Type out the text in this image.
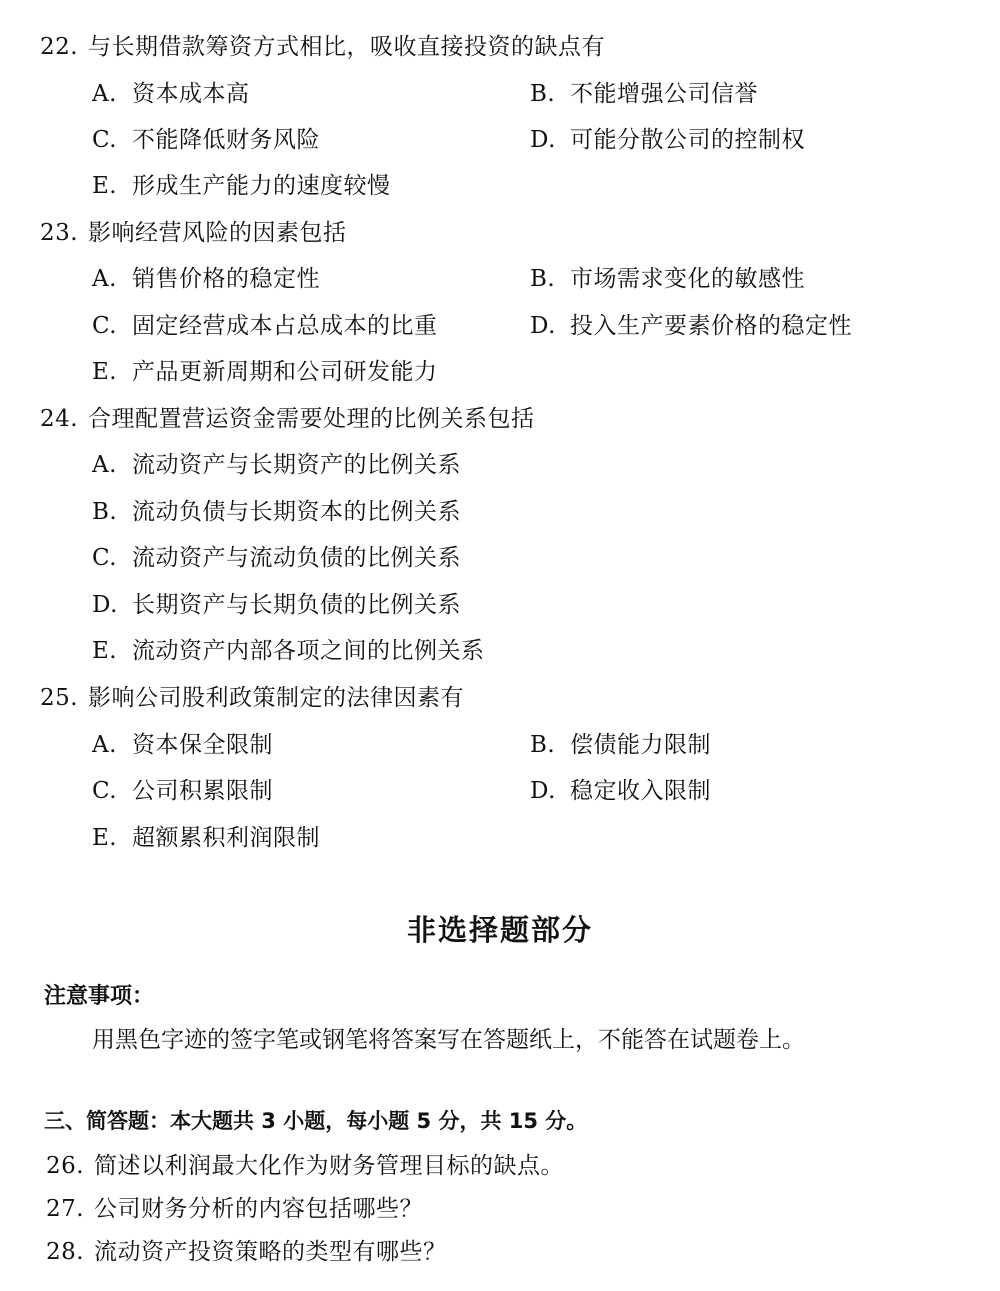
22. 与长期借款筹资方式相比，吸收直接投资的缺点有
A. 资本成本高	B. 不能增强公司信誉
C. 不能降低财务风险	D. 可能分散公司的控制权
E. 形成生产能力的速度较慢
23. 影响经营风险的因素包括
A. 销售价格的稳定性	B. 市场需求变化的敏感性
C. 固定经营成本占总成本的比重	D. 投入生产要素价格的稳定性
E. 产品更新周期和公司研发能力
24. 合理配置营运资金需要处理的比例关系包括
A. 流动资产与长期资产的比例关系
B. 流动负债与长期资本的比例关系
C. 流动资产与流动负债的比例关系
D. 长期资产与长期负债的比例关系
E. 流动资产内部各项之间的比例关系
25. 影响公司股利政策制定的法律因素有
A. 资本保全限制	B. 偿债能力限制
C. 公司积累限制	D. 稳定收入限制
E. 超额累积利润限制
非选择题部分
注意事项：
用黑色字迹的签字笔或钢笔将答案写在答题纸上，不能答在试题卷上。
三、简答题：本大题共 3 小题，每小题 5 分，共 15 分。
26. 简述以利润最大化作为财务管理目标的缺点。
27. 公司财务分析的内容包括哪些？
28. 流动资产投资策略的类型有哪些？
